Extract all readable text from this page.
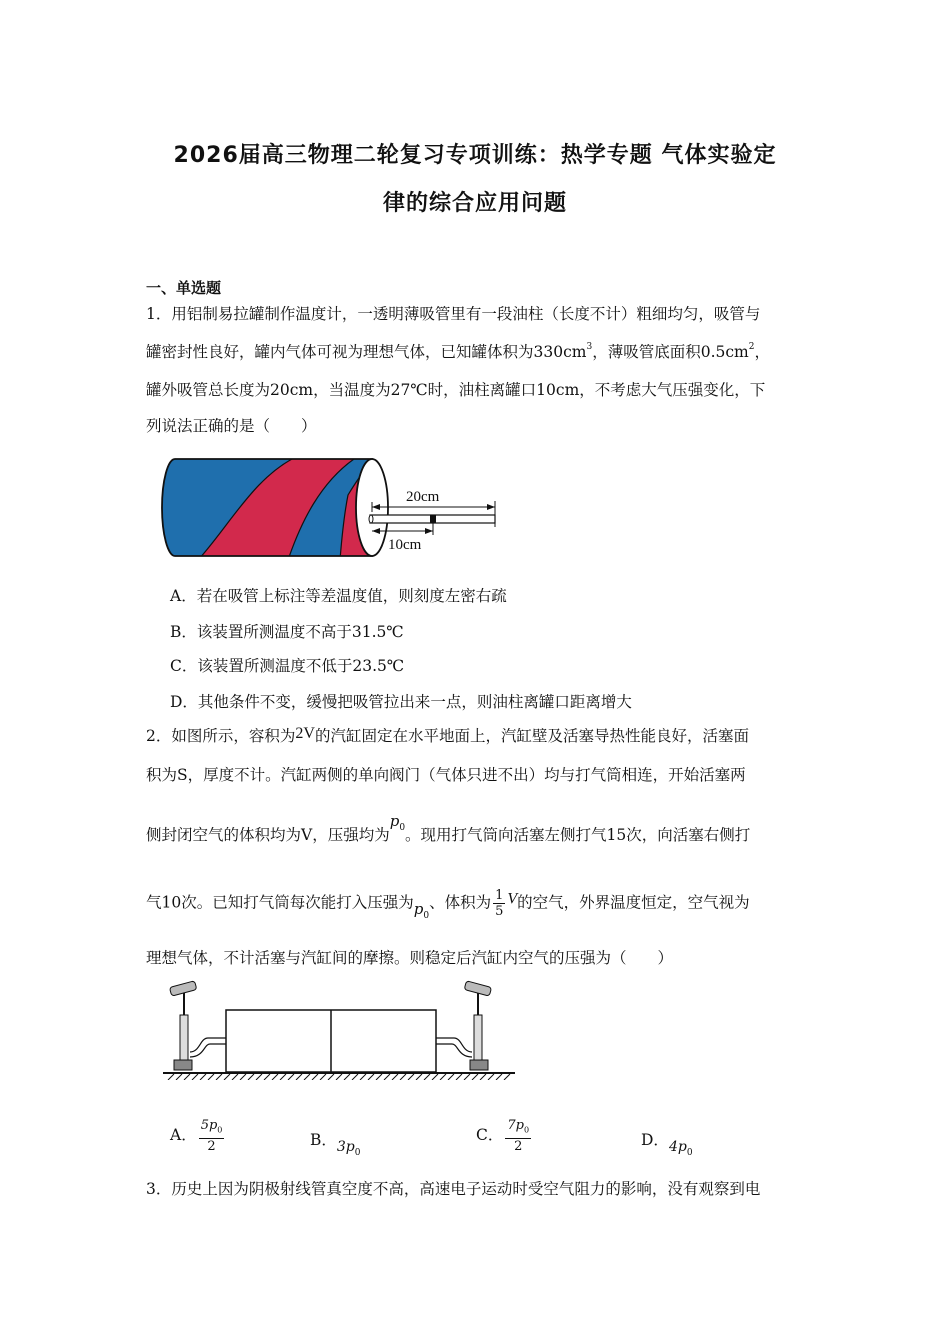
2026届高三物理二轮复习专项训练：热学专题 气体实验定
律的综合应用问题
一、单选题
1．用铝制易拉罐制作温度计，一透明薄吸管里有一段油柱（长度不计）粗细均匀，吸管与
罐密封性良好，罐内气体可视为理想气体，已知罐体积为$330cm^3$，薄吸管底面积$0.5cm^2$，
罐外吸管总长度为20cm，当温度为27℃时，油柱离罐口10cm，不考虑大气压强变化，下
列说法正确的是（　　）
20cm
10cm
A．若在吸管上标注等差温度值，则刻度左密右疏
B．该装置所测温度不高于31.5℃
C．该装置所测温度不低于23.5℃
D．其他条件不变，缓慢把吸管拉出来一点，则油柱离罐口距离增大
2．如图所示，容积为2V的汽缸固定在水平地面上，汽缸壁及活塞导热性能良好，活塞面
积为S，厚度不计。汽缸两侧的单向阀门（气体只进不出）均与打气筒相连，开始活塞两
侧封闭空气的体积均为V，压强均为$p_0$。现用打气筒向活塞左侧打气15次，向活塞右侧打
气10次。已知打气筒每次能打入压强为$p_0$、体积为 $\frac{1}{5}$ V的空气，外界温度恒定，空气视为
理想气体，不计活塞与汽缸间的摩擦。则稳定后汽缸内空气的压强为（　　）
A． $\frac{5p_0}{2}$	B．$3p_0$
C． $\frac{7p_0}{2}$	D．$4p_0$
3．历史上因为阴极射线管真空度不高，高速电子运动时受空气阻力的影响，没有观察到电
